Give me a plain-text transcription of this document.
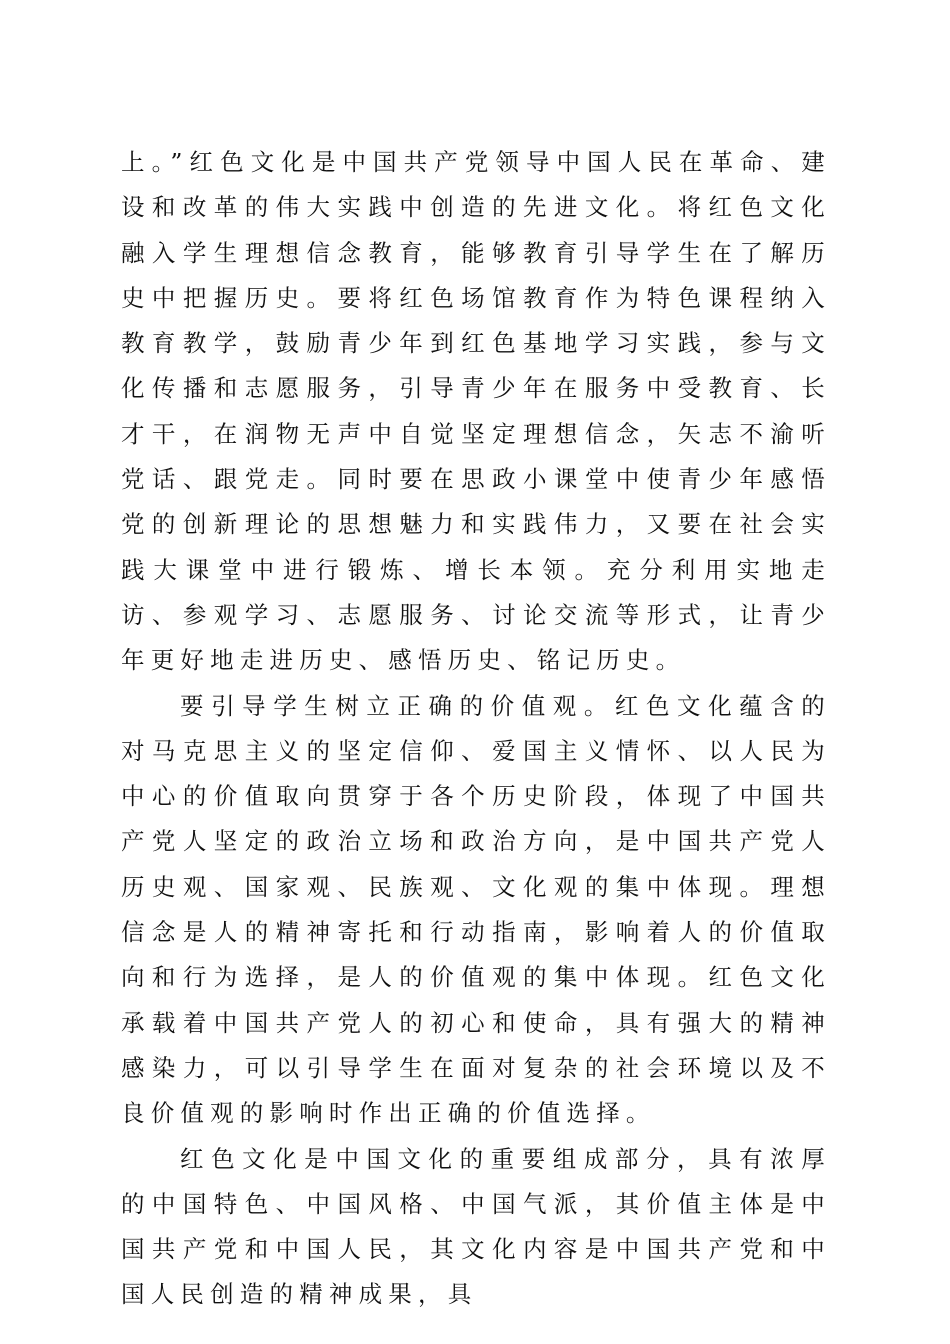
上。”红色文化是中国共产党领导中国人民在革命、建设和改革的伟大实践中创造的先进文化。将红色文化融入学生理想信念教育，能够教育引导学生在了解历史中把握历史。要将红色场馆教育作为特色课程纳入教育教学，鼓励青少年到红色基地学习实践，参与文化传播和志愿服务，引导青少年在服务中受教育、长才干，在润物无声中自觉坚定理想信念，矢志不渝听党话、跟党走。同时要在思政小课堂中使青少年感悟党的创新理论的思想魅力和实践伟力，又要在社会实践大课堂中进行锻炼、增长本领。充分利用实地走访、参观学习、志愿服务、讨论交流等形式，让青少年更好地走进历史、感悟历史、铭记历史。

要引导学生树立正确的价值观。红色文化蕴含的对马克思主义的坚定信仰、爱国主义情怀、以人民为中心的价值取向贯穿于各个历史阶段，体现了中国共产党人坚定的政治立场和政治方向，是中国共产党人历史观、国家观、民族观、文化观的集中体现。理想信念是人的精神寄托和行动指南，影响着人的价值取向和行为选择，是人的价值观的集中体现。红色文化承载着中国共产党人的初心和使命，具有强大的精神感染力，可以引导学生在面对复杂的社会环境以及不良价值观的影响时作出正确的价值选择。

红色文化是中国文化的重要组成部分，具有浓厚的中国特色、中国风格、中国气派，其价值主体是中国共产党和中国人民，其文化内容是中国共产党和中国人民创造的精神成果，具
